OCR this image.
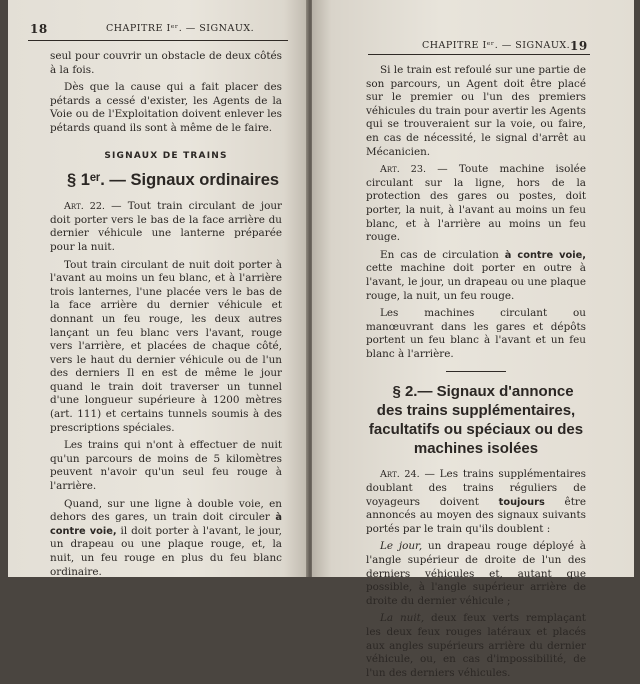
18	CHAPITRE Iᵉʳ. — SIGNAUX.

seul pour couvrir un obstacle de deux côtés à la fois.

Dès que la cause qui a fait placer des pétards a cessé d'exister, les Agents de la Voie ou de l'Exploitation doivent enlever les pétards quand ils sont à même de le faire.

SIGNAUX DE TRAINS

§ 1ᵉʳ. — Signaux ordinaires

Art. 22. — Tout train circulant de jour doit porter vers le bas de la face arrière du dernier véhicule une lanterne préparée pour la nuit.

Tout train circulant de nuit doit porter à l'avant au moins un feu blanc, et à l'arrière trois lanternes, l'une placée vers le bas de la face arrière du dernier véhicule et donnant un feu rouge, les deux autres lançant un feu blanc vers l'avant, rouge vers l'arrière, et placées de chaque côté, vers le haut du dernier véhicule ou de l'un des derniers Il en est de même le jour quand le train doit traverser un tunnel d'une longueur supérieure à 1200 mètres (art. 111) et certains tunnels soumis à des prescriptions spéciales.

Les trains qui n'ont à effectuer de nuit qu'un parcours de moins de 5 kilomètres peuvent n'avoir qu'un seul feu rouge à l'arrière.

Quand, sur une ligne à double voie, en dehors des gares, un train doit circuler à contre voie, il doit porter à l'avant, le jour, un drapeau ou une plaque rouge, et, la nuit, un feu rouge en plus du feu blanc ordinaire.

CHAPITRE Iᵉʳ. — SIGNAUX. 19

Si le train est refoulé sur une partie de son parcours, un Agent doit être placé sur le premier ou l'un des premiers véhicules du train pour avertir les Agents qui se trouveraient sur la voie, ou faire, en cas de nécessité, le signal d'arrêt au Mécanicien.

Art. 23. — Toute machine isolée circulant sur la ligne, hors de la protection des gares ou postes, doit porter, la nuit, à l'avant au moins un feu blanc, et à l'arrière au moins un feu rouge.

En cas de circulation à contre voie, cette machine doit porter en outre à l'avant, le jour, un drapeau ou une plaque rouge, la nuit, un feu rouge.

Les machines circulant ou manœuvrant dans les gares et dépôts portent un feu blanc à l'avant et un feu blanc à l'arrière.

§ 2.— Signaux d'annonce des trains supplémentaires, facultatifs ou spéciaux ou des machines isolées

Art. 24. — Les trains supplémentaires doublant des trains réguliers de voyageurs doivent toujours être annoncés au moyen des signaux suivants portés par le train qu'ils doublent :

Le jour, un drapeau rouge déployé à l'angle supérieur de droite de l'un des derniers véhicules et, autant que possible, à l'angle supérieur arrière de droite du dernier véhicule ;

La nuit, deux feux verts remplaçant les deux feux rouges latéraux et placés aux angles supérieurs arrière du dernier véhicule, ou, en cas d'impossibilité, de l'un des derniers véhicules.
